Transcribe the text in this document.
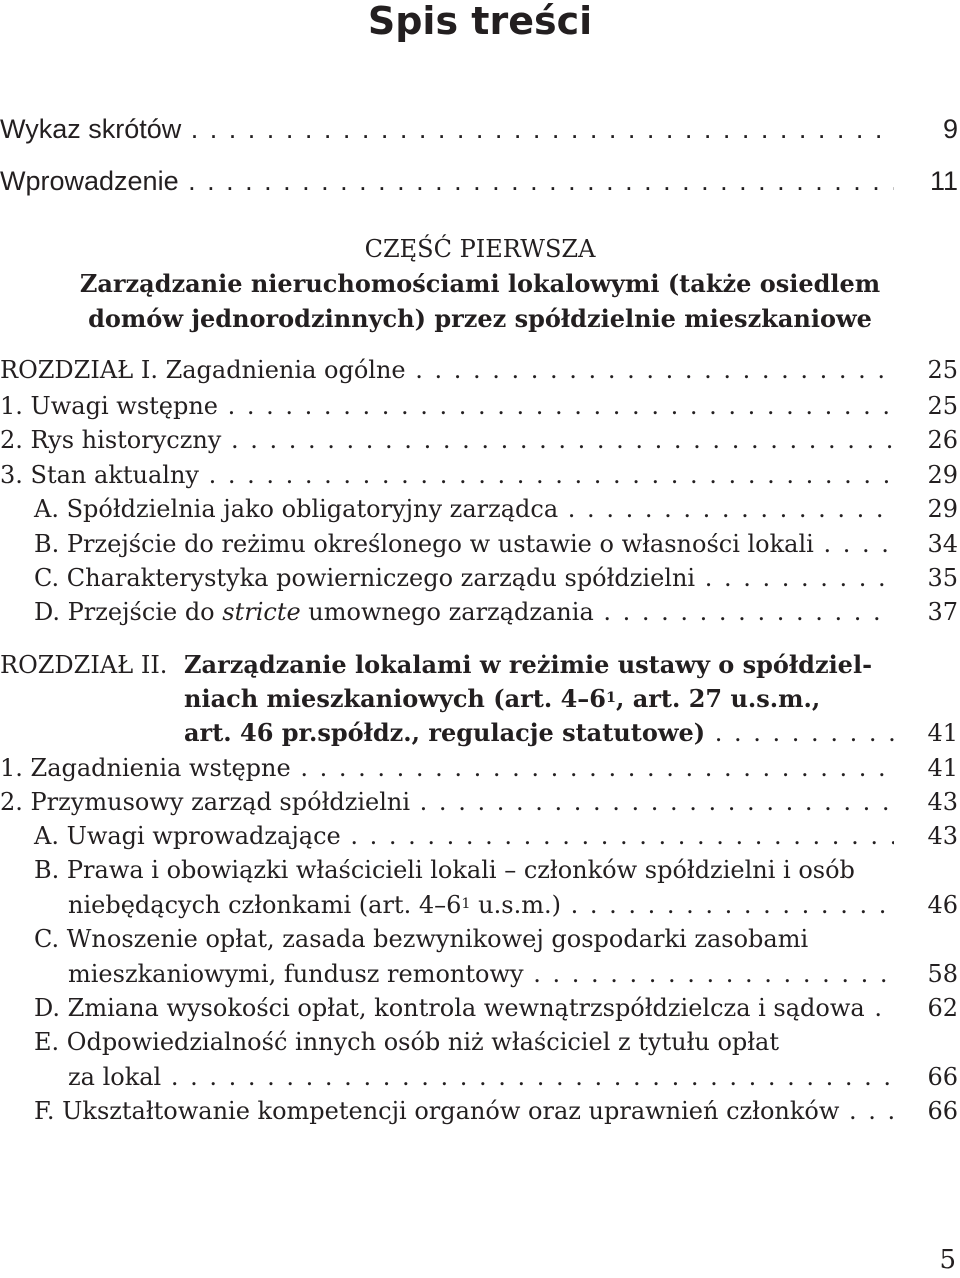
Spis treści
Wykaz skrótów . . .	9
Wprowadzenie . . .	11
CZĘŚĆ PIERWSZA
Zarządzanie nieruchomościami lokalowymi (także osiedlem
domów jednorodzinnych) przez spółdzielnie mieszkaniowe
ROZDZIAŁ I. Zagadnienia ogólne . . .	25
1. Uwagi wstępne . . .	25
2. Rys historyczny . . .	26
3. Stan aktualny . . .	29
A. Spółdzielnia jako obligatoryjny zarządca . . .	29
B. Przejście do reżimu określonego w ustawie o własności lokali . . .	34
C. Charakterystyka powierniczego zarządu spółdzielni . . .	35
D. Przejście do stricte umownego zarządzania . . .	37
ROZDZIAŁ II. Zarządzanie lokalami w reżimie ustawy o spółdziel-
niach mieszkaniowych (art. $4-6^1$, art. 27 u.s.m.,
art. 46 pr.spółdz., regulacje statutowe) . . .	41
1. Zagadnienia wstępne . . .	41
2. Przymusowy zarząd spółdzielni . . .	43
A. Uwagi wprowadzające . . .	43
B. Prawa i obowiązki właścicieli lokali – członków spółdzielni i osób
niebędących członkami (art. $4-6^1$ u.s.m.) . . .	46
C. Wnoszenie opłat, zasada bezwynikowej gospodarki zasobami
mieszkaniowymi, fundusz remontowy . . .	58
D. Zmiana wysokości opłat, kontrola wewnątrzspółdzielcza i sądowa . . .	62
E. Odpowiedzialność innych osób niż właściciel z tytułu opłat
za lokal . . .	66
F. Ukształtowanie kompetencji organów oraz uprawnień członków . . .	66
5
